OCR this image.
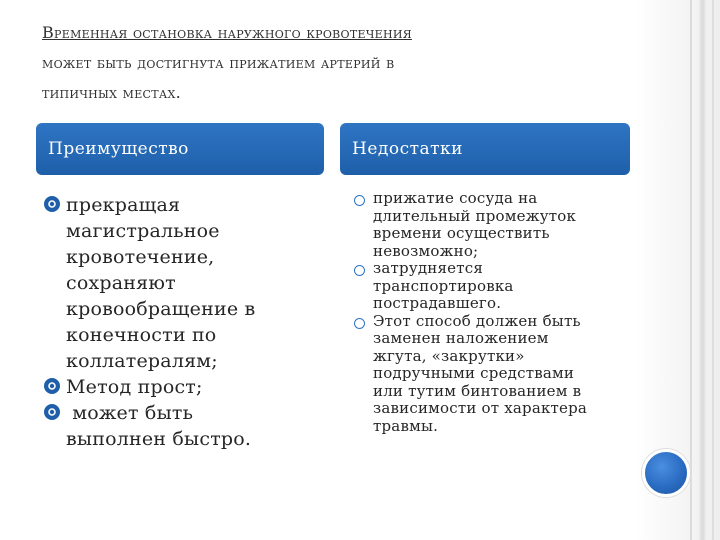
Временная остановка наружного кровотечения
может быть достигнута прижатием артерий в
типичных местах.
Преимущество	Недостатки
прекращая
магистральное
кровотечение,
сохраняют
кровообращение в
конечности по
коллатералям;
Метод прост;
может быть
выполнен быстро.
прижатие сосуда на
длительный промежуток
времени осуществить
невозможно;
затрудняется
транспортировка
пострадавшего.
Этот способ должен быть
заменен наложением
жгута, «закрутки»
подручными средствами
или тутим бинтованием в
зависимости от характера
травмы.
